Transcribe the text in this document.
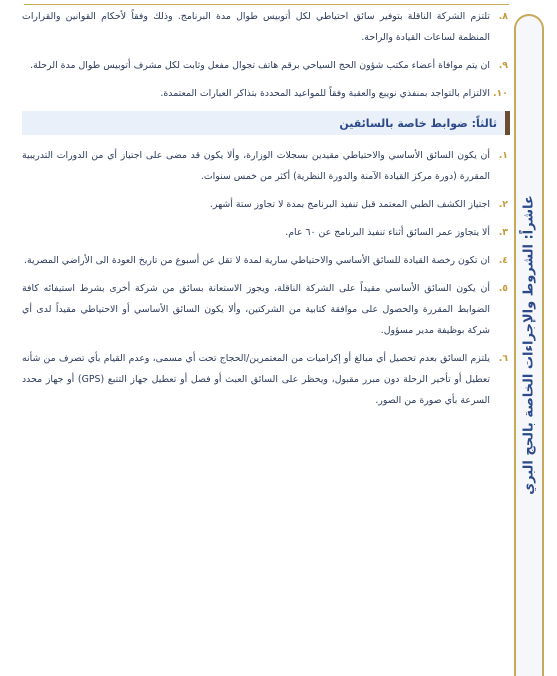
عاشراً: الشروط والإجراءات الخاصة بالحج البري
٨.
تلتزم الشركة الناقلة بتوفير سائق احتياطي لكل أتوبيس طوال مدة البرنامج. وذلك وفقاً لأحكام القوانين والقرارات المنظمة لساعات القيادة والراحة.
٩.
ان يتم موافاة أعضاء مكتب شؤون الحج السياحي برقم هاتف تجوال مفعل وثابت لكل مشرف أتوبيس طوال مدة الرحلة.
١٠.
الالتزام بالتواجد بمنفذي نويبع والعقبة وفقاً للمواعيد المحددة بتذاكر العبارات المعتمدة.
ثالثاً: ضوابط خاصة بالسائقين
١.
أن يكون السائق الأساسي والاحتياطي مقيدين بسجلات الوزارة، وألا يكون قد مضى على اجتياز أي من الدورات التدريبية المقررة (دورة مركز القيادة الآمنة والدورة النظرية) أكثر من خمس سنوات.
٢.
اجتياز الكشف الطبي المعتمد قبل تنفيذ البرنامج بمدة لا تجاوز ستة أشهر.
٣.
ألا يتجاوز عمر السائق أثناء تنفيذ البرنامج عن ٦٠ عام.
٤.
ان تكون رخصة القيادة للسائق الأساسي والاحتياطي سارية لمدة لا تقل عن أسبوع من تاريخ العودة الى الأراضي المصرية.
٥.
أن يكون السائق الأساسي مقيداً على الشركة الناقلة، ويجوز الاستعانة بسائق من شركة أخرى بشرط استيفائه كافة الضوابط المقررة والحصول على موافقة كتابية من الشركتين، وألا يكون السائق الأساسي أو الاحتياطي مقيداً لدى أي شركة بوظيفة مدير مسؤول.
٦.
يلتزم السائق بعدم تحصيل أي مبالغ أو إكراميات من المعتمرين/الحجاج تحت أي مسمى، وعدم القيام بأي تصرف من شأنه تعطيل أو تأخير الرحلة دون مبرر مقبول، ويحظر على السائق العبث أو فصل أو تعطيل جهاز التتبع (GPS) أو جهاز محدد السرعة بأي صورة من الصور.
